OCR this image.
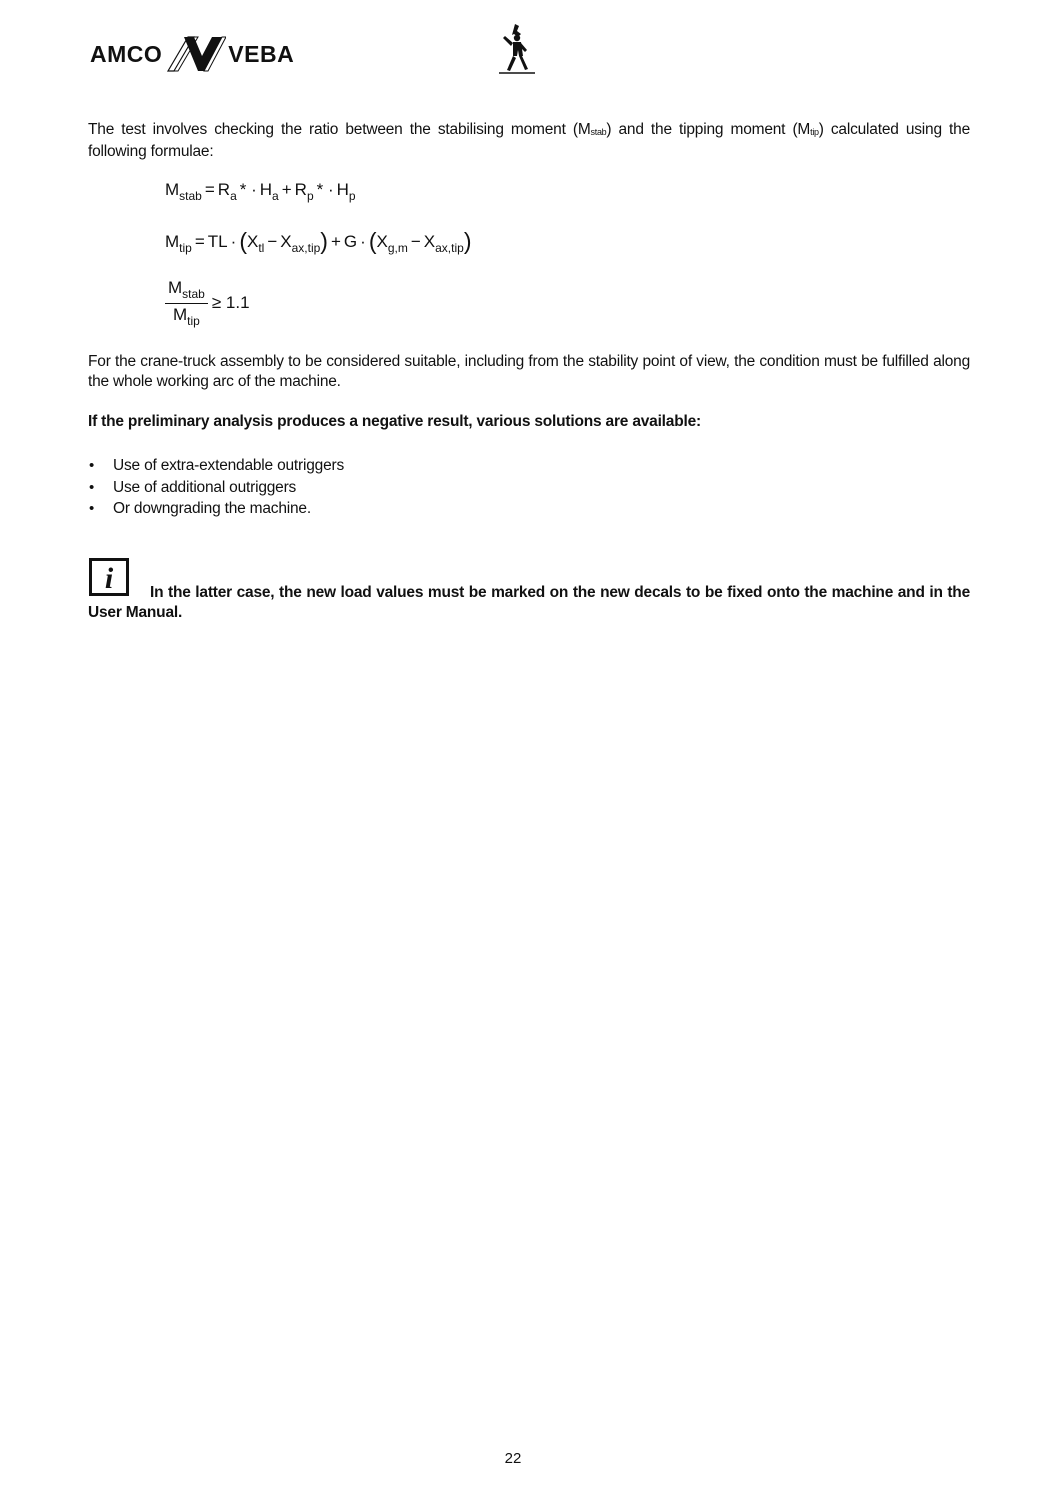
AMCO	VEBA
The test involves checking the ratio between the stabilising moment $(M_{stab})$ and the tipping moment $(M_{tip})$ calculated using the following formulae:
$M_{stab} = R_a$ * · $H_a + R_p$ * · $H_p$
$M_{tip}$ = TL · $(X_{tl} - X_{ax,tip}) + G \cdot (X_{g,m} - X_{ax,tip})$
$\frac{M_{stab}}{M_{tip}} \ge 1.1$
For the crane-truck assembly to be considered suitable, including from the stability point of view, the condition must be fulfilled along the whole working arc of the machine.
If the preliminary analysis produces a negative result, various solutions are available:
• Use of extra-extendable outriggers
• Use of additional outriggers
• Or downgrading the machine.
i	In the latter case, the new load values must be marked on the new decals to be fixed onto the machine and in the User Manual.
22
